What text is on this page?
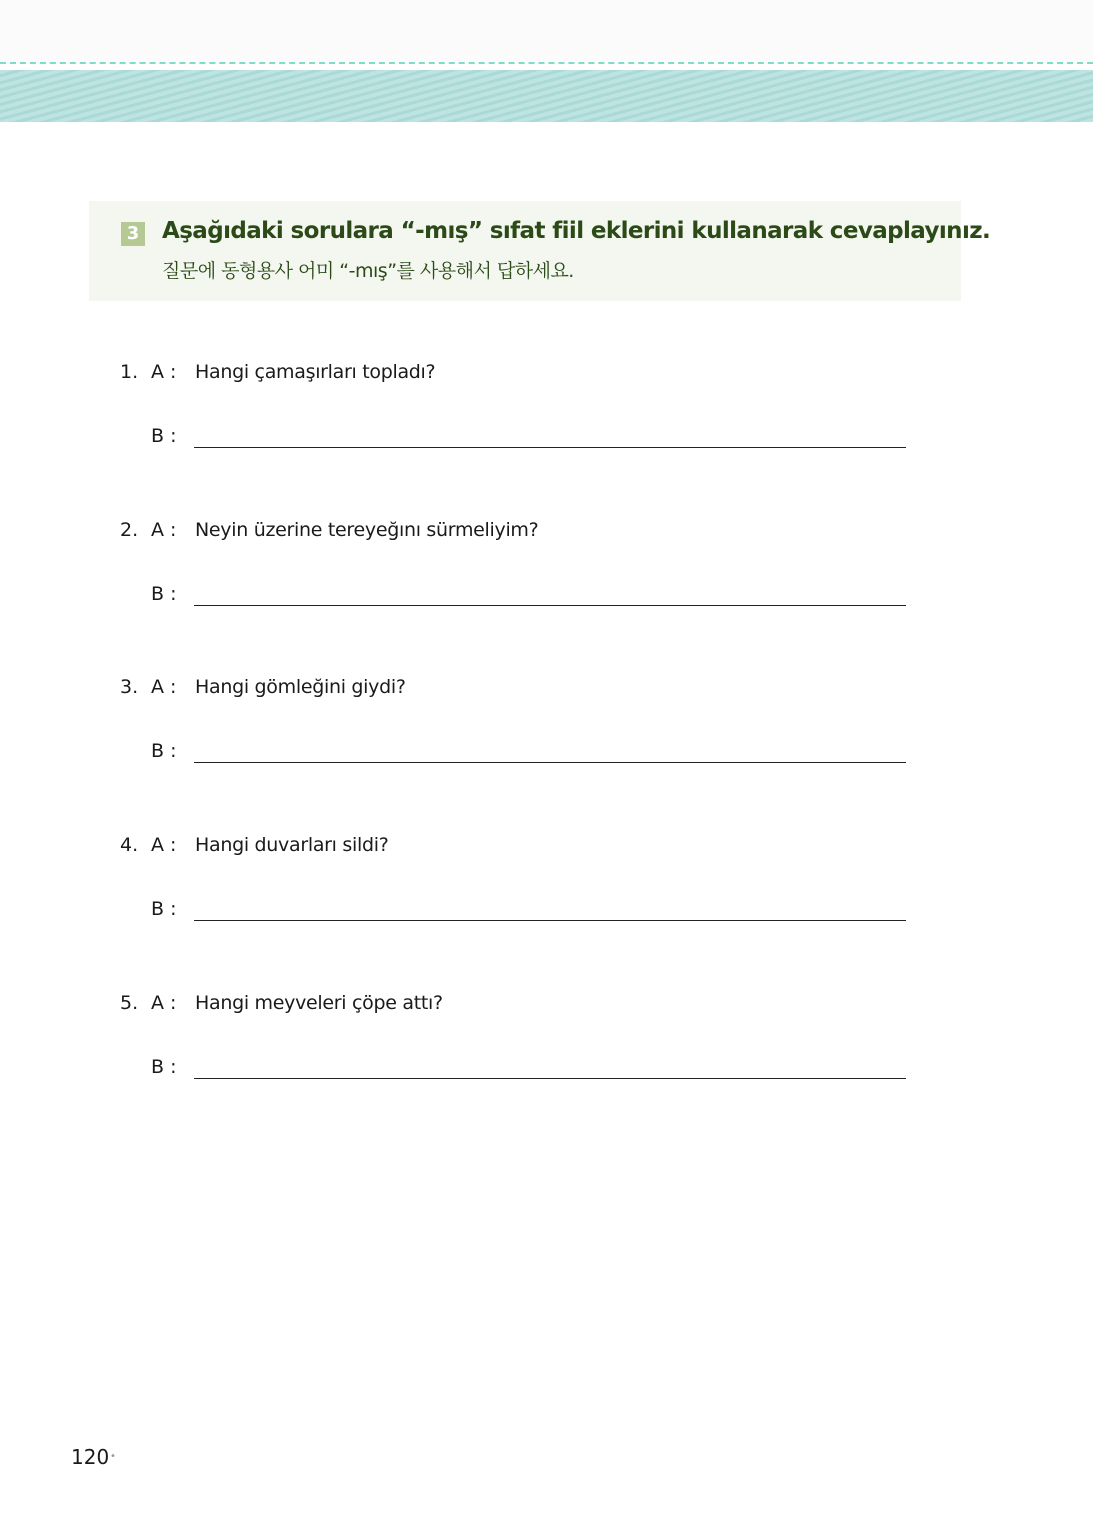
3 Aşağıdaki sorulara “-mış” sıfat fiil eklerini kullanarak cevaplayınız.
질문에 동형용사 어미 “-mış”를 사용해서 답하세요.
1. A : Hangi çamaşırları topladı?
B :
2. A : Neyin üzerine tereyeğını sürmeliyim?
B :
3. A : Hangi gömleğini giydi?
B :
4. A : Hangi duvarları sildi?
B :
5. A : Hangi meyveleri çöpe attı?
B :
120 •
